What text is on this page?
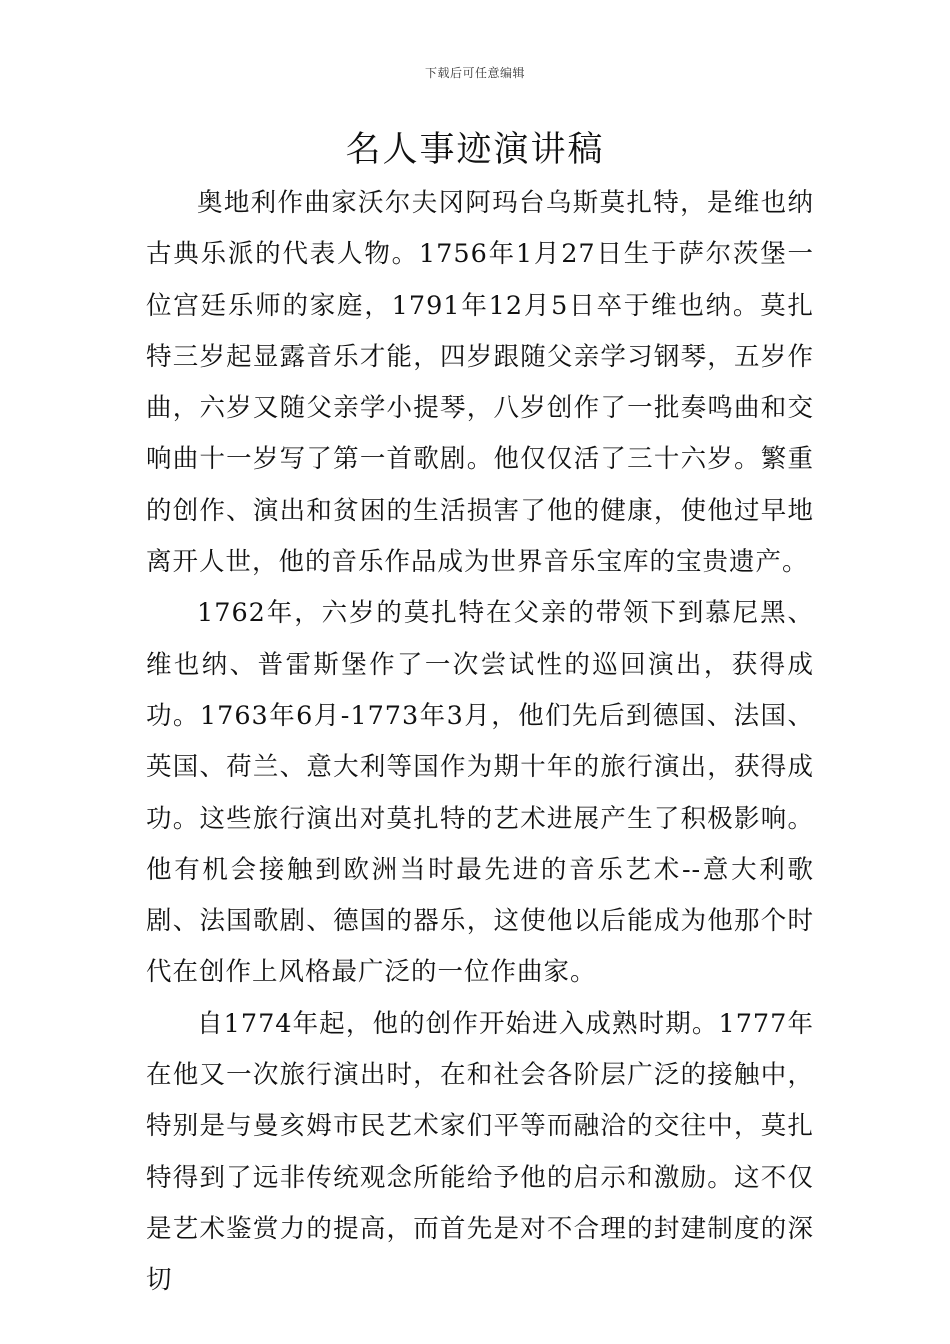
下载后可任意编辑
名人事迹演讲稿

奥地利作曲家沃尔夫冈阿玛台乌斯莫扎特，是维也纳古典乐派的代表人物。1756年1月27日生于萨尔茨堡一位宫廷乐师的家庭，1791年12月5日卒于维也纳。莫扎特三岁起显露音乐才能，四岁跟随父亲学习钢琴，五岁作曲，六岁又随父亲学小提琴，八岁创作了一批奏鸣曲和交响曲十一岁写了第一首歌剧。他仅仅活了三十六岁。繁重的创作、演出和贫困的生活损害了他的健康，使他过早地离开人世，他的音乐作品成为世界音乐宝库的宝贵遗产。

1762年，六岁的莫扎特在父亲的带领下到慕尼黑、维也纳、普雷斯堡作了一次尝试性的巡回演出，获得成功。1763年6月-1773年3月，他们先后到德国、法国、英国、荷兰、意大利等国作为期十年的旅行演出，获得成功。这些旅行演出对莫扎特的艺术进展产生了积极影响。他有机会接触到欧洲当时最先进的音乐艺术--意大利歌剧、法国歌剧、德国的器乐，这使他以后能成为他那个时代在创作上风格最广泛的一位作曲家。

自1774年起，他的创作开始进入成熟时期。1777年在他又一次旅行演出时，在和社会各阶层广泛的接触中，特别是与曼亥姆市民艺术家们平等而融洽的交往中，莫扎特得到了远非传统观念所能给予他的启示和激励。这不仅是艺术鉴赏力的提高，而首先是对不合理的封建制度的深切
